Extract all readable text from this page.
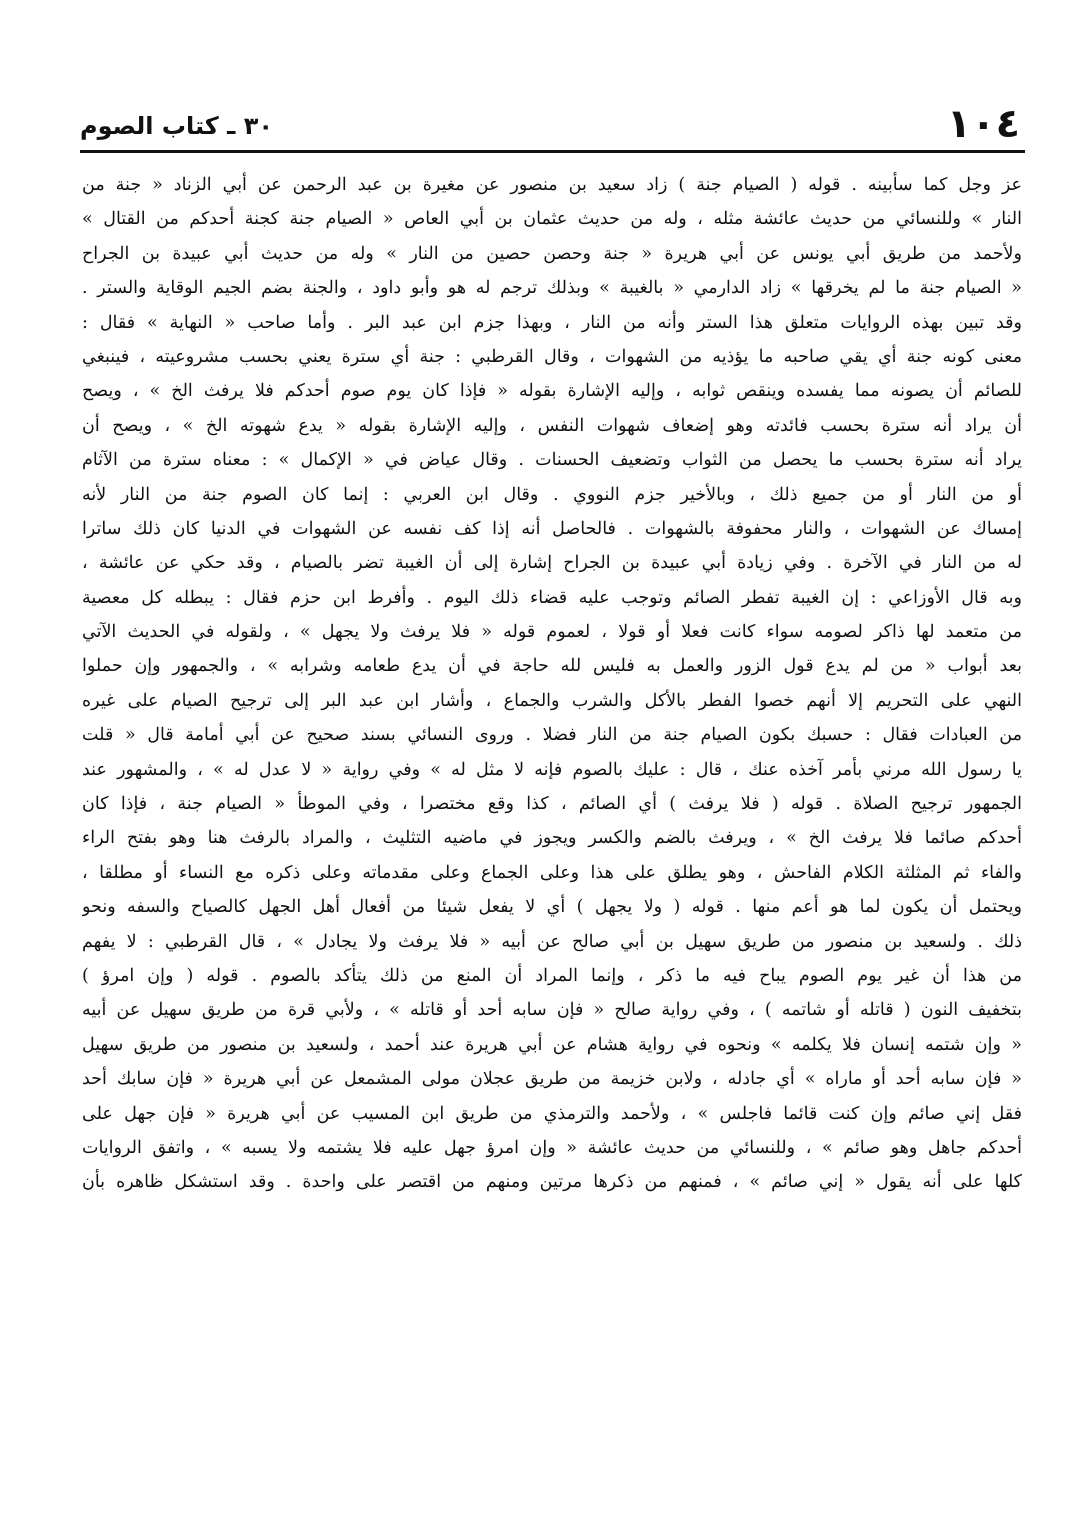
١٠٤
٣٠ ـ كتاب الصوم
عز وجل كما سأبينه . قوله ( الصيام جنة ) زاد سعيد بن منصور عن مغيرة بن عبد الرحمن عن أبي الزناد « جنة من
النار » وللنسائي من حديث عائشة مثله ، وله من حديث عثمان بن أبي العاص « الصيام جنة كجنة أحدكم من القتال »
ولأحمد من طريق أبي يونس عن أبي هريرة « جنة وحصن حصين من النار » وله من حديث أبي عبيدة بن الجراح
« الصيام جنة ما لم يخرقها » زاد الدارمي « بالغيبة » وبذلك ترجم له هو وأبو داود ، والجنة بضم الجيم الوقاية والستر .
وقد تبين بهذه الروايات متعلق هذا الستر وأنه من النار ، وبهذا جزم ابن عبد البر . وأما صاحب « النهاية » فقال :
معنى كونه جنة أي يقي صاحبه ما يؤذيه من الشهوات ، وقال القرطبي : جنة أي سترة يعني بحسب مشروعيته ، فينبغي
للصائم أن يصونه مما يفسده وينقص ثوابه ، وإليه الإشارة بقوله « فإذا كان يوم صوم أحدكم فلا يرفث الخ » ، ويصح
أن يراد أنه سترة بحسب فائدته وهو إضعاف شهوات النفس ، وإليه الإشارة بقوله « يدع شهوته الخ » ، ويصح أن
يراد أنه سترة بحسب ما يحصل من الثواب وتضعيف الحسنات . وقال عياض في « الإكمال » : معناه سترة من الآثام
أو من النار أو من جميع ذلك ، وبالأخير جزم النووي . وقال ابن العربي : إنما كان الصوم جنة من النار لأنه
إمساك عن الشهوات ، والنار محفوفة بالشهوات . فالحاصل أنه إذا كف نفسه عن الشهوات في الدنيا كان ذلك ساترا
له من النار في الآخرة . وفي زيادة أبي عبيدة بن الجراح إشارة إلى أن الغيبة تضر بالصيام ، وقد حكي عن عائشة ،
وبه قال الأوزاعي : إن الغيبة تفطر الصائم وتوجب عليه قضاء ذلك اليوم . وأفرط ابن حزم فقال : يبطله كل معصية
من متعمد لها ذاكر لصومه سواء كانت فعلا أو قولا ، لعموم قوله « فلا يرفث ولا يجهل » ، ولقوله في الحديث الآتي
بعد أبواب « من لم يدع قول الزور والعمل به فليس لله حاجة في أن يدع طعامه وشرابه » ، والجمهور وإن حملوا
النهي على التحريم إلا أنهم خصوا الفطر بالأكل والشرب والجماع ، وأشار ابن عبد البر إلى ترجيح الصيام على غيره
من العبادات فقال : حسبك بكون الصيام جنة من النار فضلا . وروى النسائي بسند صحيح عن أبي أمامة قال « قلت
يا رسول الله مرني بأمر آخذه عنك ، قال : عليك بالصوم فإنه لا مثل له » وفي رواية « لا عدل له » ، والمشهور عند
الجمهور ترجيح الصلاة . قوله ( فلا يرفث ) أي الصائم ، كذا وقع مختصرا ، وفي الموطأ « الصيام جنة ، فإذا كان
أحدكم صائما فلا يرفث الخ » ، ويرفث بالضم والكسر ويجوز في ماضيه التثليث ، والمراد بالرفث هنا وهو بفتح الراء
والفاء ثم المثلثة الكلام الفاحش ، وهو يطلق على هذا وعلى الجماع وعلى مقدماته وعلى ذكره مع النساء أو مطلقا ،
ويحتمل أن يكون لما هو أعم منها . قوله ( ولا يجهل ) أي لا يفعل شيئا من أفعال أهل الجهل كالصياح والسفه ونحو
ذلك . ولسعيد بن منصور من طريق سهيل بن أبي صالح عن أبيه « فلا يرفث ولا يجادل » ، قال القرطبي : لا يفهم
من هذا أن غير يوم الصوم يباح فيه ما ذكر ، وإنما المراد أن المنع من ذلك يتأكد بالصوم . قوله ( وإن امرؤ )
بتخفيف النون ( قاتله أو شاتمه ) ، وفي رواية صالح « فإن سابه أحد أو قاتله » ، ولأبي قرة من طريق سهيل عن أبيه
« وإن شتمه إنسان فلا يكلمه » ونحوه في رواية هشام عن أبي هريرة عند أحمد ، ولسعيد بن منصور من طريق سهيل
« فإن سابه أحد أو ماراه » أي جادله ، ولابن خزيمة من طريق عجلان مولى المشمعل عن أبي هريرة « فإن سابك أحد
فقل إني صائم وإن كنت قائما فاجلس » ، ولأحمد والترمذي من طريق ابن المسيب عن أبي هريرة « فإن جهل على
أحدكم جاهل وهو صائم » ، وللنسائي من حديث عائشة « وإن امرؤ جهل عليه فلا يشتمه ولا يسبه » ، واتفق الروايات
كلها على أنه يقول « إني صائم » ، فمنهم من ذكرها مرتين ومنهم من اقتصر على واحدة . وقد استشكل ظاهره بأن
